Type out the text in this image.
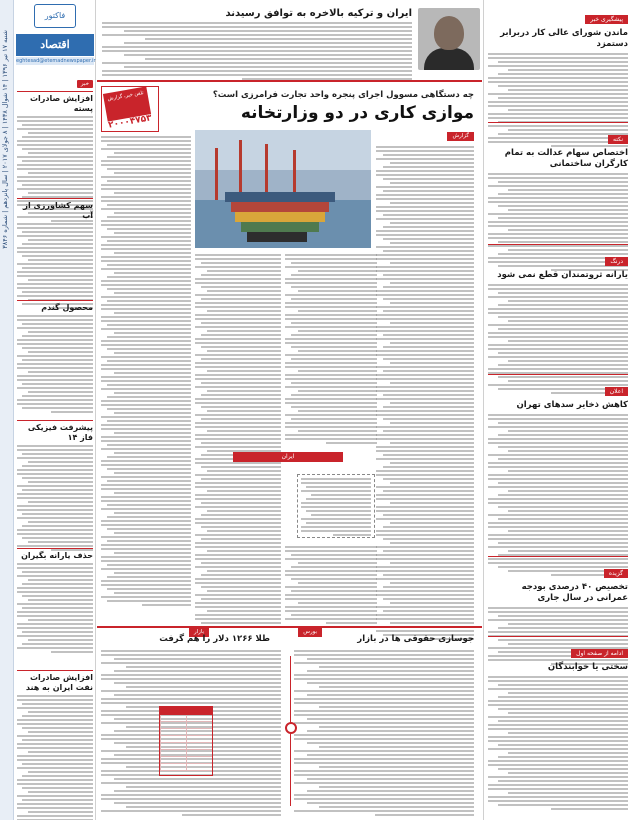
شنبه ۱۷ تیر ۱۳۹۶ | ۱۴ شوال ۱۴۳۸ | ۸ جولای ۲۰۱۷ | سال پانزدهم | شماره ۳۸۴۶
فاکتور
اقتصاد
eghtesad@etemadnewspaper.ir
خبر
افزایش صادرات پسته
سهم کشاورزی از آب
محصول گندم
پیشرفت فیزیکی فاز ۱۴
حذف یارانه بگیران
افزایش صادرات نفت ایران به هند
ایران و ترکیه بالاخره به توافق رسیدند
تلفن خبر، گزارش
۲۰۰۰۴۷۵۳
چه دستگاهی مسوول اجرای پنجره واحد تجارت فرامرزی است؟
موازی کاری در دو وزارتخانه
گزارش
ایران
بورس
بازار
جوسازی حقوقی ها در بازار
طلا ۱۲۶۶ دلار را هم گرفت
پیشگیری خبر
ماندن شورای عالی کار دربرابر دستمزد
نکته
اختصاص سهام عدالت به تمام کارگران ساختمانی
درنگ
یارانه ثروتمندان قطع نمی شود
اعلان
کاهش ذخایر سدهای تهران
گزیده
تخصیص ۴۰ درصدی بودجه عمرانی در سال جاری
ادامه از صفحه اول
سختی یا خوابندگان
